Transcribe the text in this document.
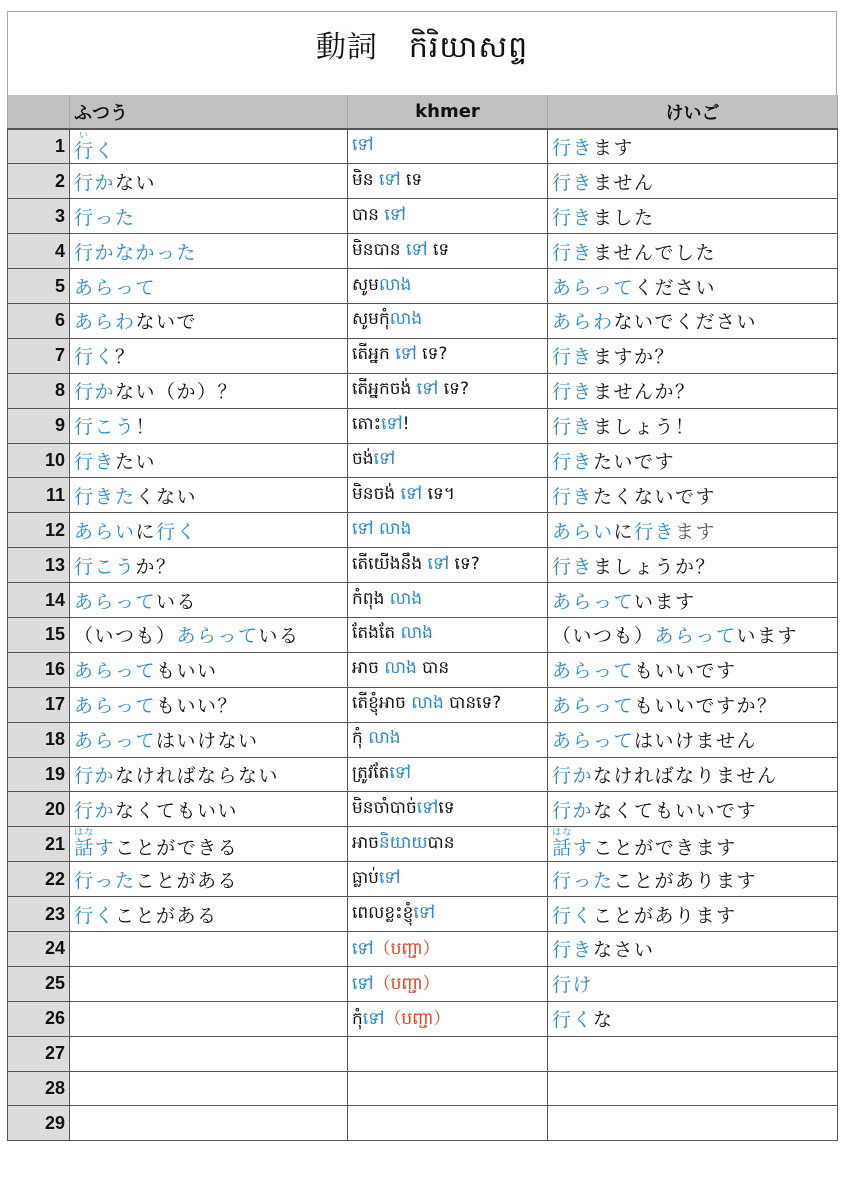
動詞　កិរិយាសព្ទ
	ふつう	khmer	けいご
1	行いく	ទៅ	行きます
2	行かない	មិន ទៅ ទេ	行きません
3	行った	បាន ទៅ	行きました
4	行かなかった	មិនបាន ទៅ ទេ	行きませんでした
5	あらって	សូមលាង	あらってください
6	あらわないで	សូមកុំលាង	あらわないでください
7	行く？	តើអ្នក ទៅ ទេ?	行きますか？
8	行かない（か）？	តើអ្នកចង់ ទៅ ទេ?	行きませんか？
9	行こう！	តោះទៅ!	行きましょう！
10	行きたい	ចង់ទៅ	行きたいです
11	行きたくない	មិនចង់ ទៅ ទេ។	行きたくないです
12	あらいに行く	ទៅ លាង	あらいに行きます
13	行こうか？	តើយើងនឹង ទៅ ទេ?	行きましょうか？
14	あらっている	កំពុង លាង	あらっています
15	（いつも）あらっている	តែងតែ លាង	（いつも）あらっています
16	あらってもいい	អាច លាង បាន	あらってもいいです
17	あらってもいい？	តើខ្ញុំអាច លាង បានទេ?	あらってもいいですか？
18	あらってはいけない	កុំ លាង	あらってはいけません
19	行かなければならない	ត្រូវតែទៅ	行かなければなりません
20	行かなくてもいい	មិនចាំបាច់ទៅទេ	行かなくてもいいです
21	話はなすことができる	អាចនិយាយបាន	話はなすことができます
22	行ったことがある	ធ្លាប់ទៅ	行ったことがあります
23	行くことがある	ពេលខ្លះខ្ញុំទៅ	行くことがあります
24		ទៅ（បញ្ជា）	行きなさい
25		ទៅ（បញ្ជា）	行け
26		កុំទៅ（បញ្ជា）	行くな
27			
28			
29			
